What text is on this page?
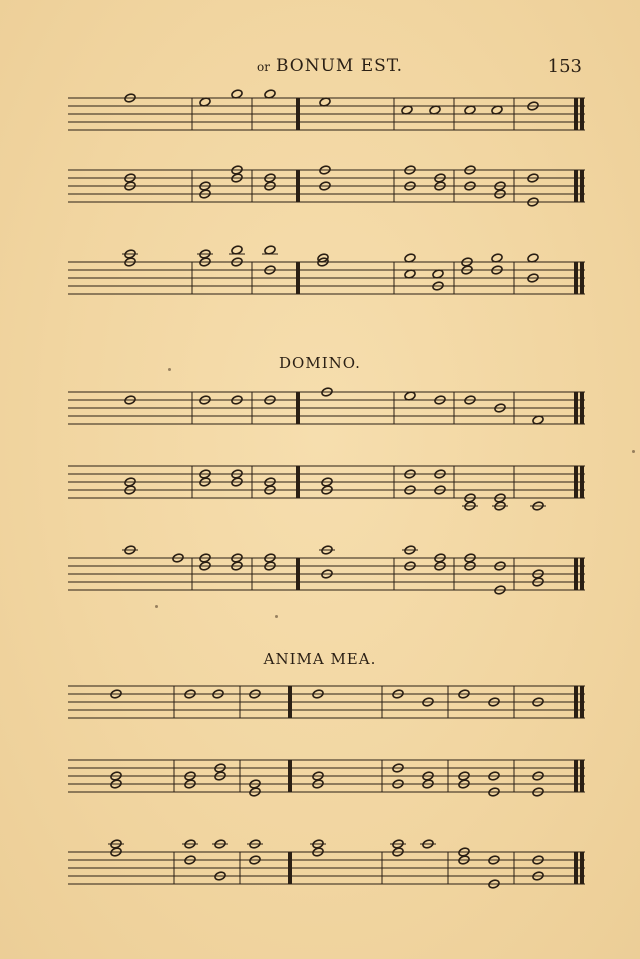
or BONUM EST.	153
DOMINO.
ANIMA MEA.
